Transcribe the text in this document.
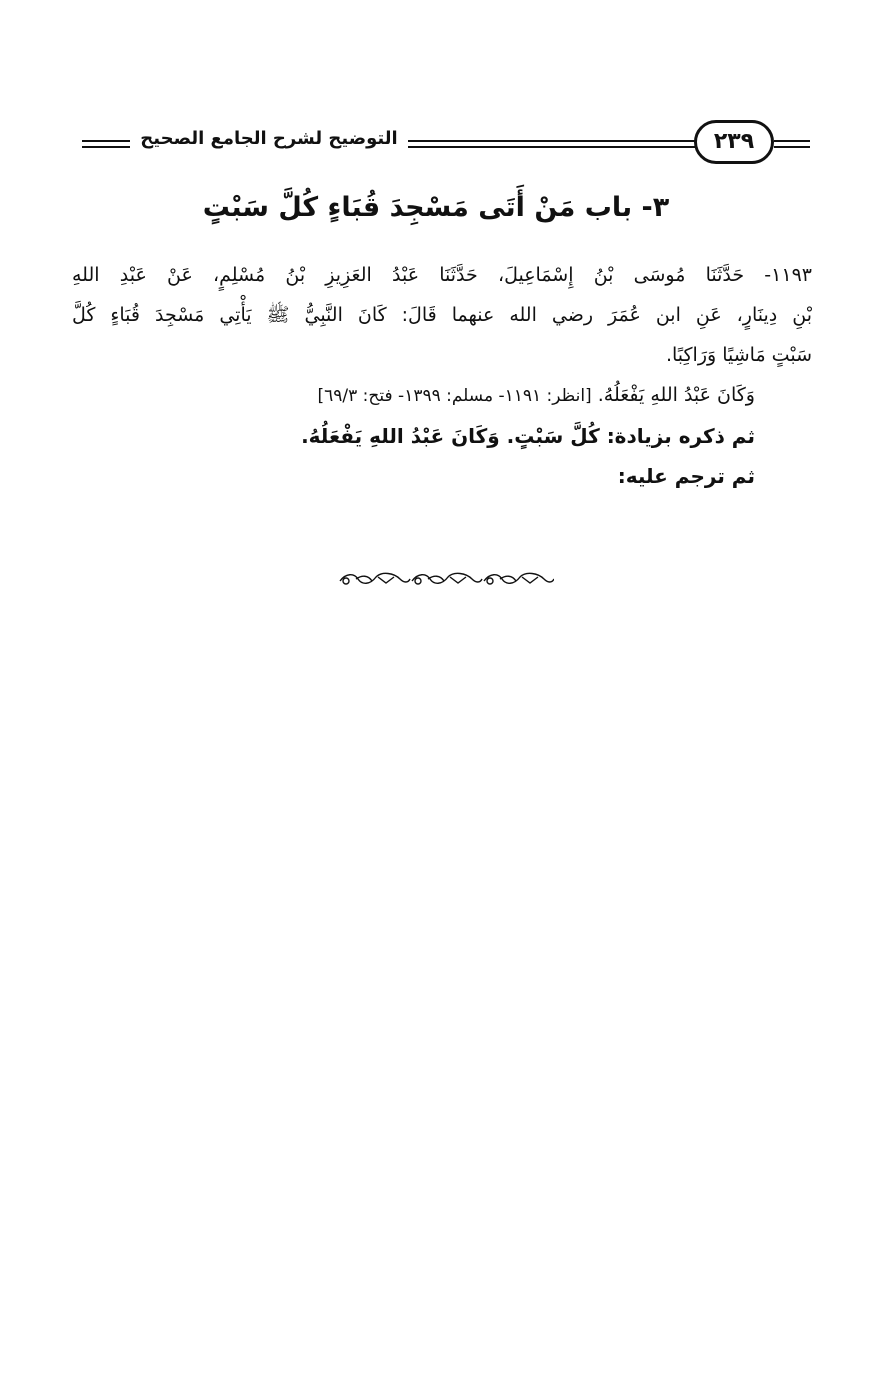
التوضيح لشرح الجامع الصحيح	٢٣٩
٣- باب مَنْ أَتَى مَسْجِدَ قُبَاءٍ كُلَّ سَبْتٍ
١١٩٣- حَدَّثَنَا مُوسَى بْنُ إِسْمَاعِيلَ، حَدَّثَنَا عَبْدُ العَزِيزِ بْنُ مُسْلِمٍ، عَنْ عَبْدِ اللهِ
بْنِ دِينَارٍ، عَنِ ابن عُمَرَ رضي الله عنهما قَالَ: كَانَ النَّبِيُّ ﷺ يَأْتِي مَسْجِدَ قُبَاءٍ كُلَّ
سَبْتٍ مَاشِيًا وَرَاكِبًا.
وَكَانَ عَبْدُ اللهِ يَفْعَلُهُ. [انظر: ١١٩١- مسلم: ١٣٩٩- فتح: ٦٩/٣]
ثم ذكره بزيادة: كُلَّ سَبْتٍ. وَكَانَ عَبْدُ اللهِ يَفْعَلُهُ.
ثم ترجم عليه:
